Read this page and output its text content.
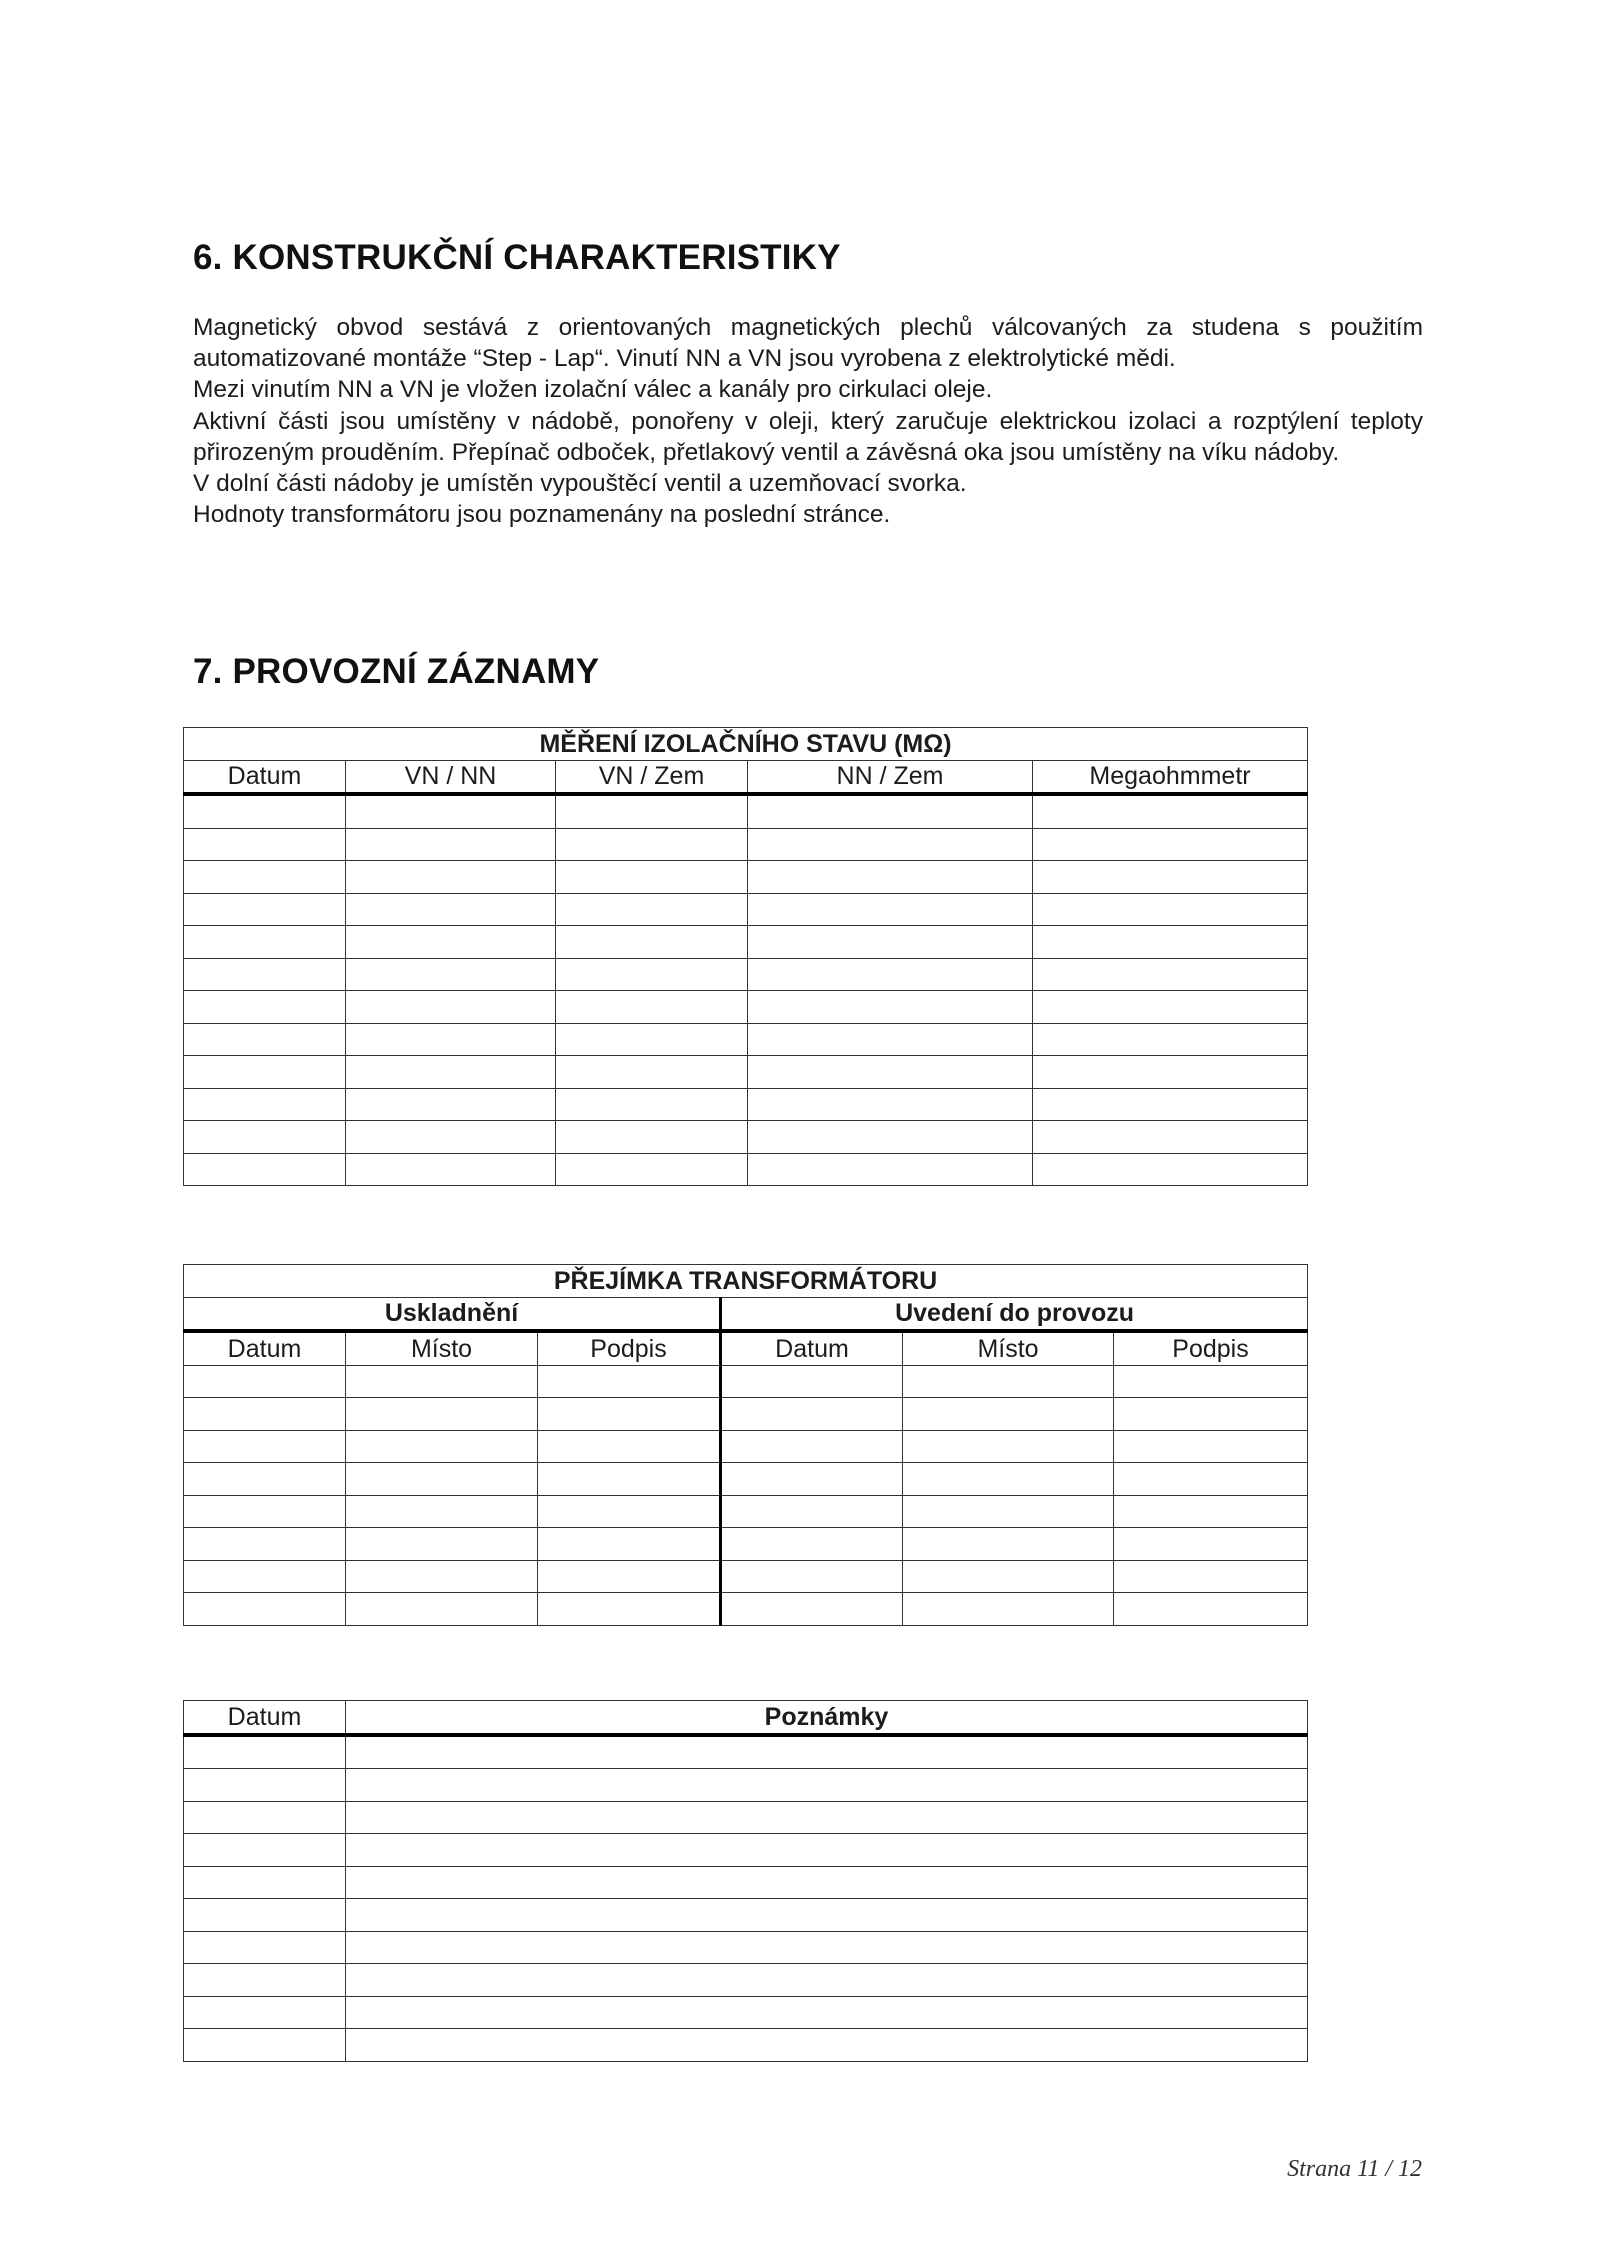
6. KONSTRUKČNÍ CHARAKTERISTIKY

Magnetický obvod sestává z orientovaných magnetických plechů válcovaných za studena s použitím automatizované montáže “Step - Lap“. Vinutí NN a VN jsou vyrobena z elektrolytické mědi.

Mezi vinutím NN a VN je vložen izolační válec a kanály pro cirkulaci oleje.

Aktivní části jsou umístěny v nádobě, ponořeny v oleji, který zaručuje elektrickou izolaci a rozptýlení teploty přirozeným prouděním. Přepínač odboček, přetlakový ventil a závěsná oka jsou umístěny na víku nádoby.

V dolní části nádoby je umístěn vypouštěcí ventil a uzemňovací svorka.

Hodnoty transformátoru jsou poznamenány na poslední stránce.

7. PROVOZNÍ ZÁZNAMY
MĚŘENÍ IZOLAČNÍHO STAVU (MΩ)				
Datum	VN / NN	VN / Zem	NN / Zem	Megaohmmetr

PŘEJÍMKA TRANSFORMÁTORU					
Uskladnění			Uvedení do provozu		
Datum	Místo	Podpis	Datum	Místo	Podpis

Datum	Poznámky

Strana 11 / 12
